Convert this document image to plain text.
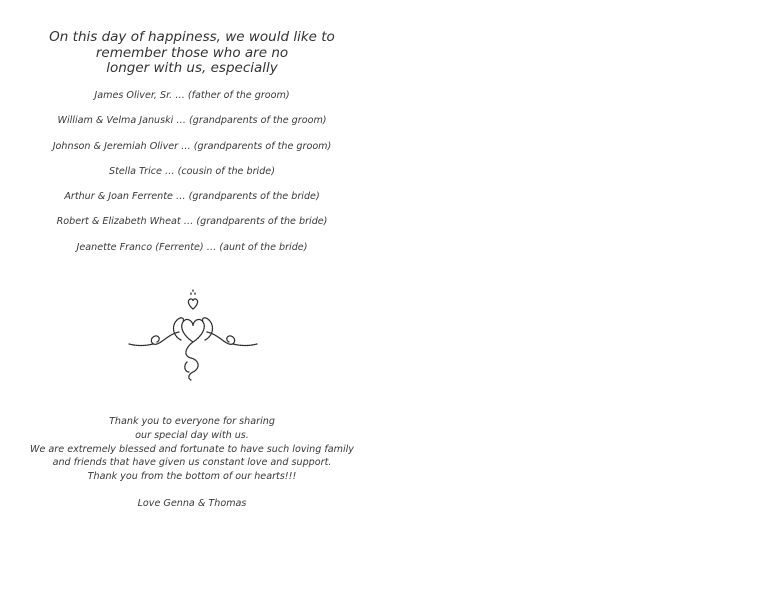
On this day of happiness, we would like to
remember those who are no
longer with us, especially
James Oliver, Sr. … (father of the groom)
William & Velma Januski … (grandparents of the groom)
Johnson & Jeremiah Oliver … (grandparents of the groom)
Stella Trice … (cousin of the bride)
Arthur & Joan Ferrente … (grandparents of the bride)
Robert & Elizabeth Wheat … (grandparents of the bride)
Jeanette Franco (Ferrente) … (aunt of the bride)
Thank you to everyone for sharing
our special day with us.
We are extremely blessed and fortunate to have such loving family
and friends that have given us constant love and support.
Thank you from the bottom of our hearts!!!
Love Genna & Thomas
